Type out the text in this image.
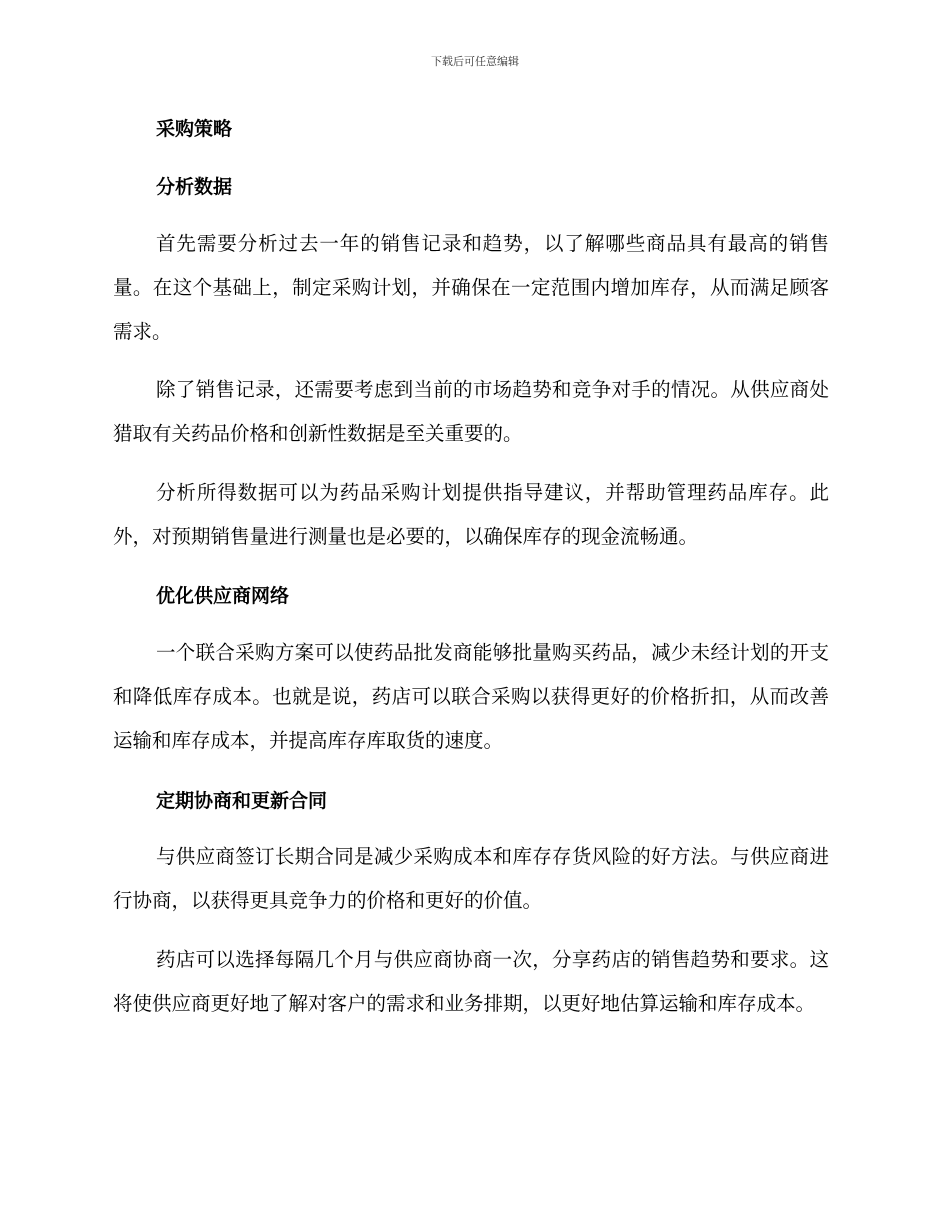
下载后可任意编辑
采购策略
分析数据

首先需要分析过去一年的销售记录和趋势，以了解哪些商品具有最高的销售量。在这个基础上，制定采购计划，并确保在一定范围内增加库存，从而满足顾客需求。

除了销售记录，还需要考虑到当前的市场趋势和竞争对手的情况。从供应商处猎取有关药品价格和创新性数据是至关重要的。

分析所得数据可以为药品采购计划提供指导建议，并帮助管理药品库存。此外，对预期销售量进行测量也是必要的，以确保库存的现金流畅通。

优化供应商网络

一个联合采购方案可以使药品批发商能够批量购买药品，减少未经计划的开支和降低库存成本。也就是说，药店可以联合采购以获得更好的价格折扣，从而改善运输和库存成本，并提高库存库取货的速度。

定期协商和更新合同

与供应商签订长期合同是减少采购成本和库存存货风险的好方法。与供应商进行协商，以获得更具竞争力的价格和更好的价值。

药店可以选择每隔几个月与供应商协商一次，分享药店的销售趋势和要求。这将使供应商更好地了解对客户的需求和业务排期，以更好地估算运输和库存成本。
